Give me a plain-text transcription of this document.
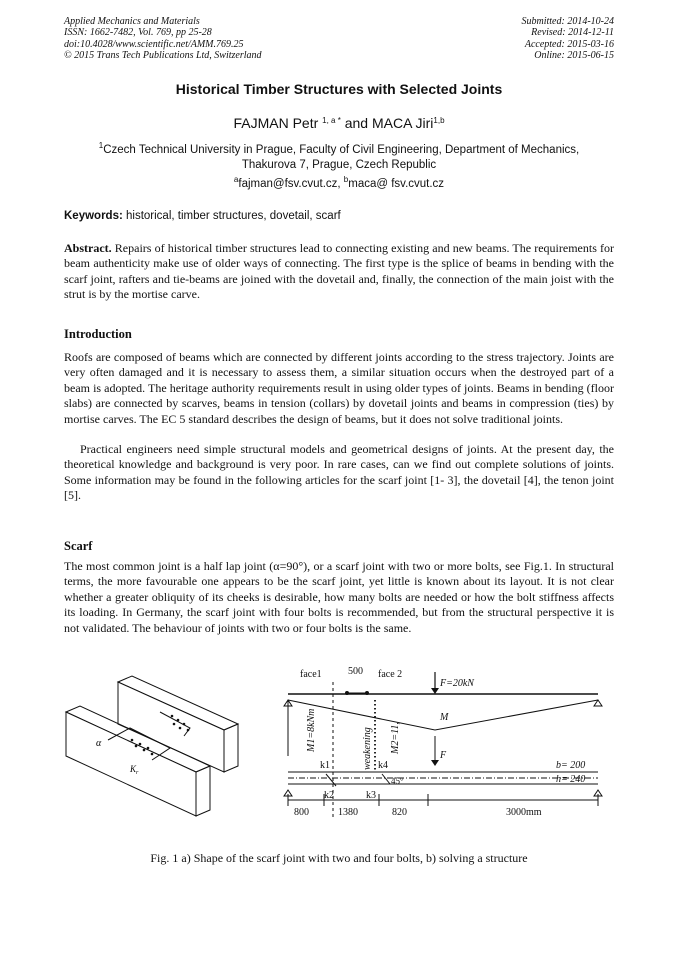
Applied Mechanics and Materials
ISSN: 1662-7482, Vol. 769, pp 25-28
doi:10.4028/www.scientific.net/AMM.769.25
© 2015 Trans Tech Publications Ltd, Switzerland
Submitted: 2014-10-24
Revised: 2014-12-11
Accepted: 2015-03-16
Online: 2015-06-15
Historical Timber Structures with Selected Joints
FAJMAN Petr $^{1, a *}$ and MACA Jiri$^{1,b}$
$^1$Czech Technical University in Prague, Faculty of Civil Engineering, Department of Mechanics,
Thakurova 7, Prague, Czech Republic
$^a$fajman@fsv.cvut.cz, $^b$maca@ fsv.cvut.cz
Keywords: historical, timber structures, dovetail, scarf

Abstract. Repairs of historical timber structures lead to connecting existing and new beams. The requirements for beam authenticity make use of older ways of connecting. The first type is the splice of beams in bending with the scarf joint, rafters and tie-beams are joined with the dovetail and, finally, the connection of the main joist with the strut is by the mortise carve.

Introduction

Roofs are composed of beams which are connected by different joints according to the stress trajectory. Joints are very often damaged and it is necessary to assess them, a similar situation occurs when the destroyed part of a beam is adopted. The heritage authority requirements result in using older types of joints. Beams in bending (floor slabs) are connected by scarves, beams in tension (collars) by dovetail joints and beams in compression (ties) by mortise carves. The EC 5 standard describes the design of beams, but it does not solve traditional joints.

Practical engineers need simple structural models and geometrical designs of joints. At the present day, the theoretical knowledge and background is very poor. In rare cases, can we find out complete solutions of joints. Some information may be found in the following articles for the scarf joint [1- 3], the dovetail [4], the tenon joint [5].

Scarf

The most common joint is a half lap joint (α=90°), or a scarf joint with two or more bolts, see Fig.1. In structural terms, the more favourable one appears to be the scarf joint, yet little is known about its layout. It is not clear whether a greater obliquity of its cheeks is desirable, how many bolts are needed or how the bolt stiffness affects its loading. In Germany, the scarf joint with four bolts is recommended, but from the structural perspective it is not validated. The behaviour of joints with two or four bolts is the same.

α
$K_r$
face1	500 face 2
F=20kN
M1=8kNm	weakening M2=11,
M
F
k1
k2	k3
k4
45°
b= 200
h= 240
800	1380	820	3000mm
Fig. 1 a) Shape of the scarf joint with two and four bolts, b) solving a structure
